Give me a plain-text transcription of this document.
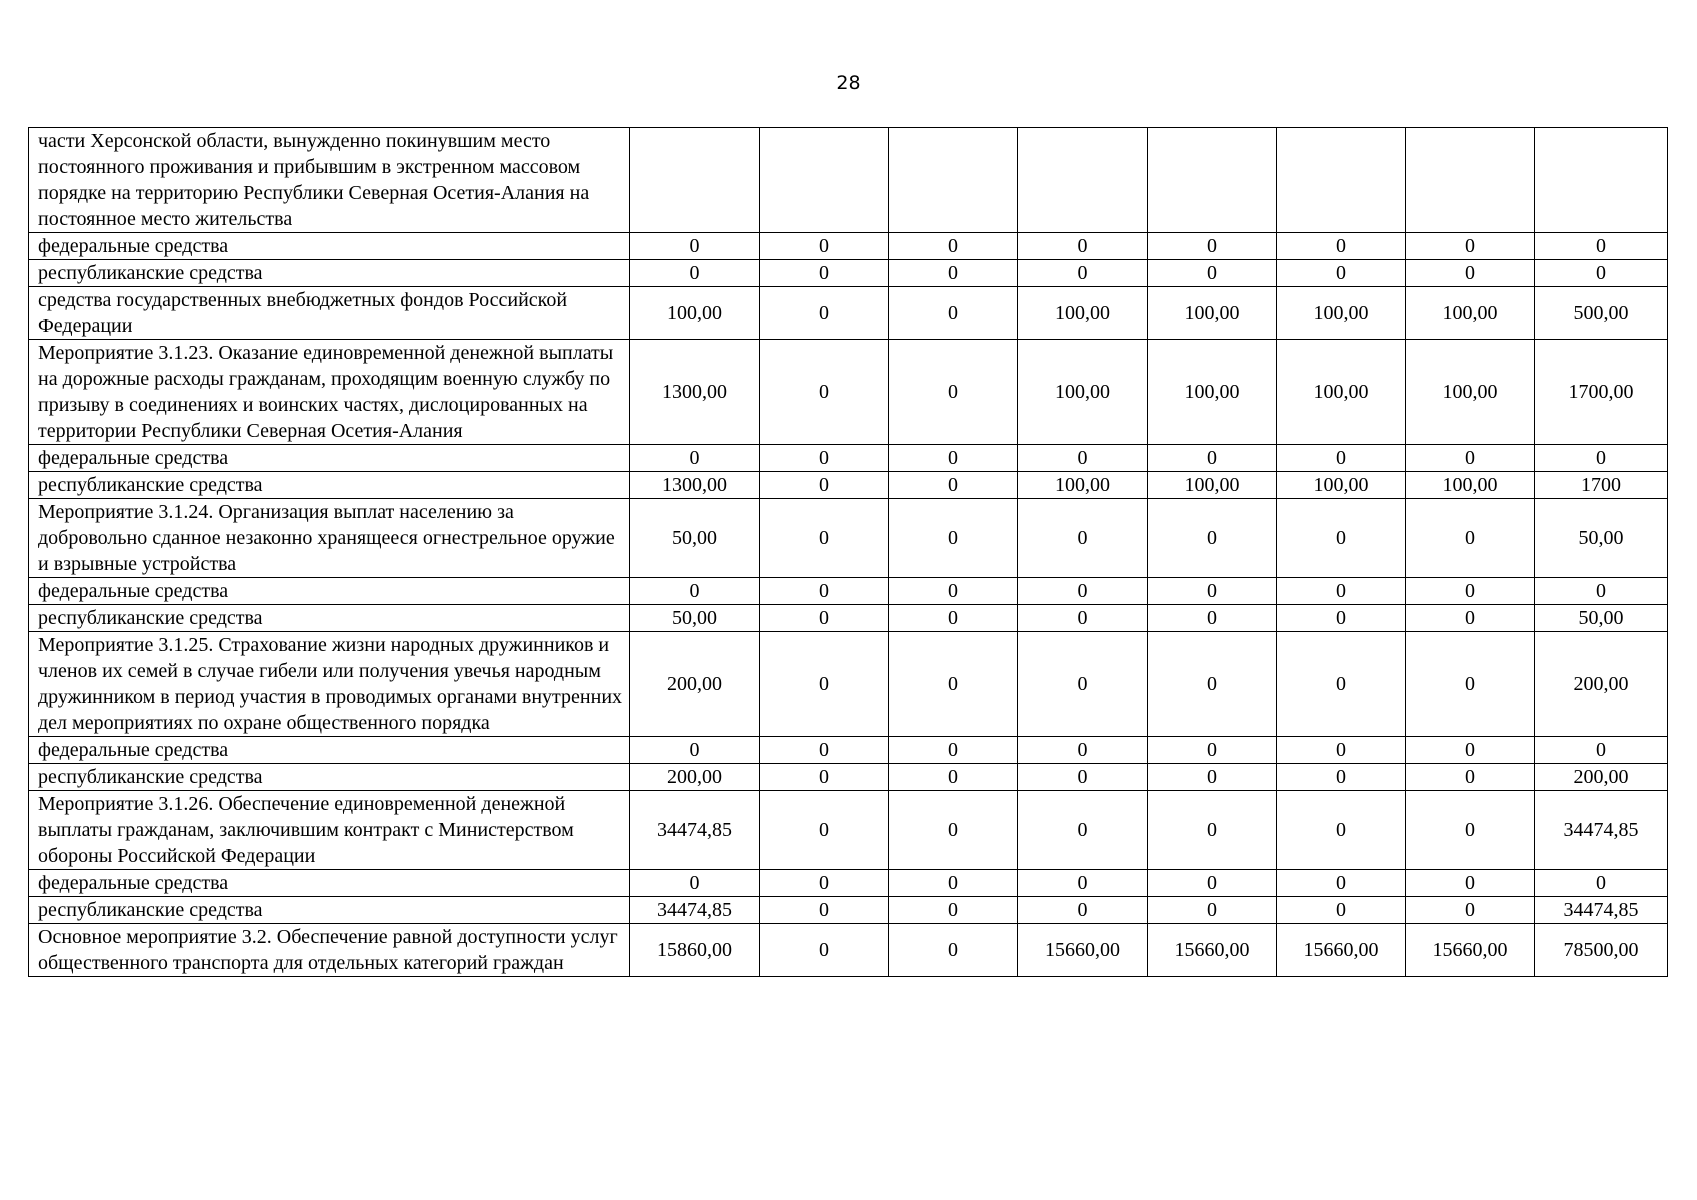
28
части Херсонской области, вынужденно покинувшим место постоянного проживания и прибывшим в экстренном массовом порядке на территорию Республики Северная Осетия-Алания на постоянное место жительства								
федеральные средства	0	0	0	0	0	0	0	0
республиканские средства	0	0	0	0	0	0	0	0
средства государственных внебюджетных фондов Российской Федерации	100,00	0	0	100,00	100,00	100,00	100,00	500,00
Мероприятие 3.1.23. Оказание единовременной денежной выплаты на дорожные расходы гражданам, проходящим военную службу по призыву в соединениях и воинских частях, дислоцированных на территории Республики Северная Осетия-Алания	1300,00	0	0	100,00	100,00	100,00	100,00	1700,00
федеральные средства	0	0	0	0	0	0	0	0
республиканские средства	1300,00	0	0	100,00	100,00	100,00	100,00	1700
Мероприятие 3.1.24. Организация выплат населению за добровольно сданное незаконно хранящееся огнестрельное оружие и взрывные устройства	50,00	0	0	0	0	0	0	50,00
федеральные средства	0	0	0	0	0	0	0	0
республиканские средства	50,00	0	0	0	0	0	0	50,00
Мероприятие 3.1.25. Страхование жизни народных дружинников и членов их семей в случае гибели или получения увечья народным дружинником в период участия в проводимых органами внутренних дел мероприятиях по охране общественного порядка	200,00	0	0	0	0	0	0	200,00
федеральные средства	0	0	0	0	0	0	0	0
республиканские средства	200,00	0	0	0	0	0	0	200,00
Мероприятие 3.1.26. Обеспечение единовременной денежной выплаты гражданам, заключившим контракт с Министерством обороны Российской Федерации	34474,85	0	0	0	0	0	0	34474,85
федеральные средства	0	0	0	0	0	0	0	0
республиканские средства	34474,85	0	0	0	0	0	0	34474,85
Основное мероприятие 3.2. Обеспечение равной доступности услуг общественного транспорта для отдельных категорий граждан	15860,00	0	0	15660,00	15660,00	15660,00	15660,00	78500,00
